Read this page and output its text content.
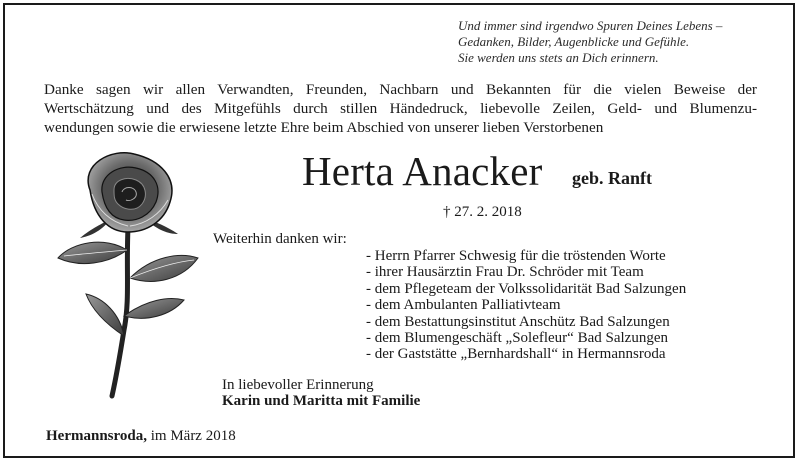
Und immer sind irgendwo Spuren Deines Lebens –
Gedanken, Bilder, Augenblicke und Gefühle.
Sie werden uns stets an Dich erinnern.
Danke sagen wir allen Verwandten, Freunden, Nachbarn und Bekannten für die vielen Beweise der
Wertschätzung und des Mitgefühls durch stillen Händedruck, liebevolle Zeilen, Geld- und Blumenzu-
wendungen sowie die erwiesene letzte Ehre beim Abschied von unserer lieben Verstorbenen
Herta Anacker geb. Ranft
† 27. 2. 2018
Weiterhin danken wir:
- Herrn Pfarrer Schwesig für die tröstenden Worte
- ihrer Hausärztin Frau Dr. Schröder mit Team
- dem Pflegeteam der Volkssolidarität Bad Salzungen
- dem Ambulanten Palliativteam
- dem Bestattungsinstitut Anschütz Bad Salzungen
- dem Blumengeschäft „Solefleur“ Bad Salzungen
- der Gaststätte „Bernhardshall“ in Hermannsroda
In liebevoller Erinnerung
Karin und Maritta mit Familie
Hermannsroda, im März 2018
